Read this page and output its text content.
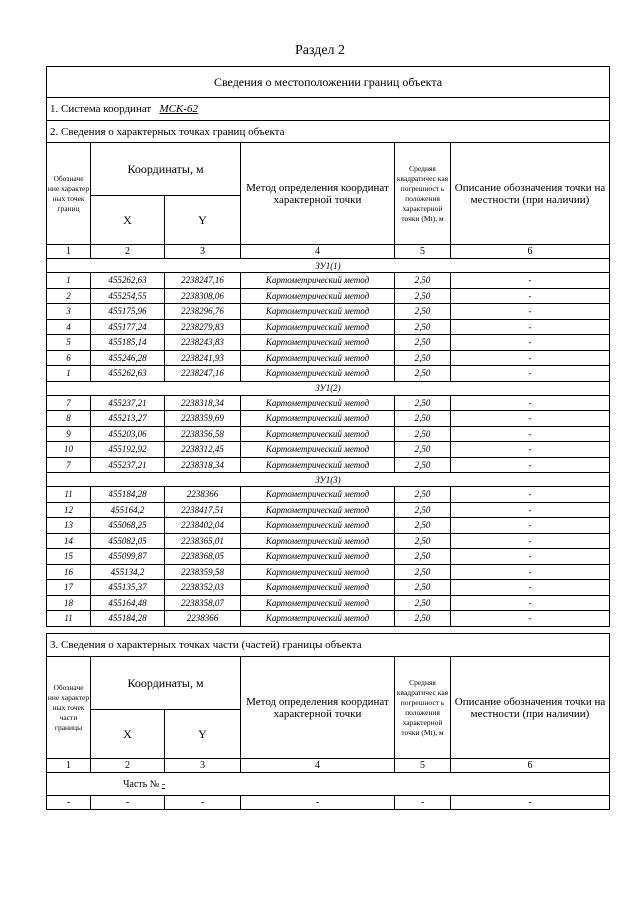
Раздел 2
Сведения о местоположении границ объекта					
1. Система координат МСК-62					
2. Сведения о характерных точках границ объекта					
Обозначе ние характер ных точек границ	Координаты, м		Метод определения координат характерной точки	Средняя квадратичес кая погрешност ь положения характерной точки (Mt), м	Описание обозначения точки на местности (при наличии)
	X	Y			
1	2	3	4	5	6
ЗУ1(1)					
1	455262,63	2238247,16	Картометрический метод	2,50	-
2	455254,55	2238308,06	Картометрический метод	2,50	-
3	455175,96	2238296,76	Картометрический метод	2,50	-
4	455177,24	2238279,83	Картометрический метод	2,50	-
5	455185,14	2238243,83	Картометрический метод	2,50	-
6	455246,28	2238241,93	Картометрический метод	2,50	-
1	455262,63	2238247,16	Картометрический метод	2,50	-
ЗУ1(2)					
7	455237,21	2238318,34	Картометрический метод	2,50	-
8	455213,27	2238359,69	Картометрический метод	2,50	-
9	455203,06	2238356,58	Картометрический метод	2,50	-
10	455192,92	2238312,45	Картометрический метод	2,50	-
7	455237,21	2238318,34	Картометрический метод	2,50	-
ЗУ1(3)					
11	455184,28	2238366	Картометрический метод	2,50	-
12	455164,2	2238417,51	Картометрический метод	2,50	-
13	455068,25	2238402,04	Картометрический метод	2,50	-
14	455082,05	2238365,01	Картометрический метод	2,50	-
15	455099,87	2238368,05	Картометрический метод	2,50	-
16	455134,2	2238359,58	Картометрический метод	2,50	-
17	455135,37	2238352,03	Картометрический метод	2,50	-
18	455164,48	2238358,07	Картометрический метод	2,50	-
11	455184,28	2238366	Картометрический метод	2,50	-
3. Сведения о характерных точках части (частей) границы объекта					
Обозначе ние характер ных точек части границы	Координаты, м		Метод определения координат характерной точки	Средняя квадратичес кая погрешност ь положения характерной точки (Mt), м	Описание обозначения точки на местности (при наличии)
	X	Y			
1	2	3	4	5	6
Часть № -					
-	-	-	-	-	-
